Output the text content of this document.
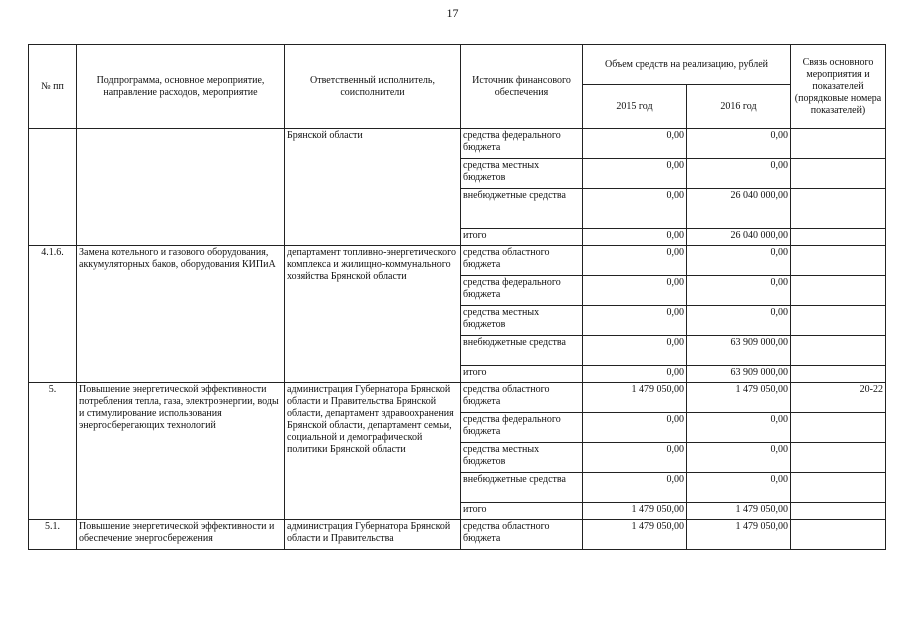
17
№ пп	Подпрограмма, основное мероприятие, направление расходов, мероприятие	Ответственный исполнитель, соисполнители	Источник финансового обеспечения	Объем средств на реализацию, рублей		Связь основного мероприятия и показателей (порядковые номера показателей)
				2015 год	2016 год	
		Брянской области	средства федерального бюджета	0,00	0,00	
			средства местных бюджетов	0,00	0,00	
			внебюджетные средства	0,00	26 040 000,00	
			итого	0,00	26 040 000,00	
4.1.6.	Замена котельного и газового оборудования, аккумуляторных баков, оборудования КИПиА	департамент топливно-энергетического комплекса и жилищно-коммунального хозяйства Брянской области	средства областного бюджета	0,00	0,00	
			средства федерального бюджета	0,00	0,00	
			средства местных бюджетов	0,00	0,00	
			внебюджетные средства	0,00	63 909 000,00	
			итого	0,00	63 909 000,00	
5.	Повышение энергетической эффективности потребления тепла, газа, электроэнергии, воды и стимулирование использования энергосберегающих технологий	администрация Губернатора Брянской области и Правительства Брянской области, департамент здравоохранения Брянской области, департамент семьи, социальной и демографической политики Брянской области	средства областного бюджета	1 479 050,00	1 479 050,00	20-22
			средства федерального бюджета	0,00	0,00	
			средства местных бюджетов	0,00	0,00	
			внебюджетные средства	0,00	0,00	
			итого	1 479 050,00	1 479 050,00	
5.1.	Повышение энергетической эффективности и обеспечение энергосбережения	администрация Губернатора Брянской области и Правительства	средства областного бюджета	1 479 050,00	1 479 050,00	
